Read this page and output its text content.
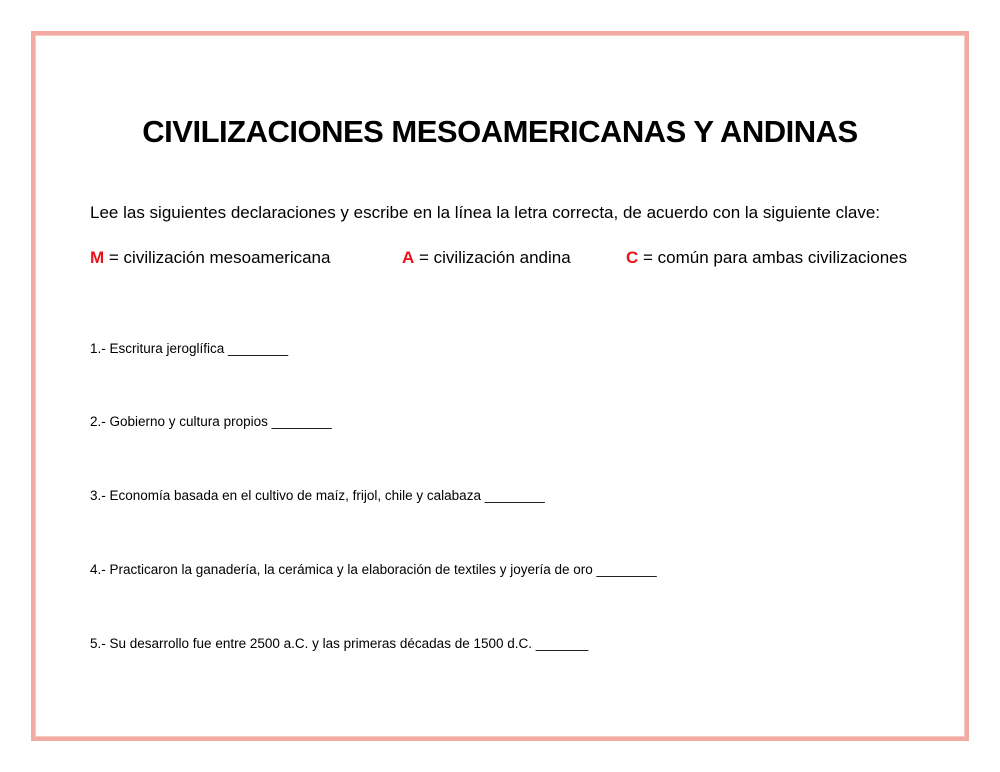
CIVILIZACIONES MESOAMERICANAS Y ANDINAS
Lee las siguientes declaraciones y escribe en la línea la letra correcta, de acuerdo con la siguiente clave:
M = civilización mesoamericana	A = civilización andina	C = común para ambas civilizaciones
1.- Escritura jeroglífica ________
2.- Gobierno y cultura propios ________
3.- Economía basada en el cultivo de maíz, frijol, chile y calabaza ________
4.- Practicaron la ganadería, la cerámica y la elaboración de textiles y joyería de oro ________
5.- Su desarrollo fue entre 2500 a.C. y las primeras décadas de 1500 d.C. _______
